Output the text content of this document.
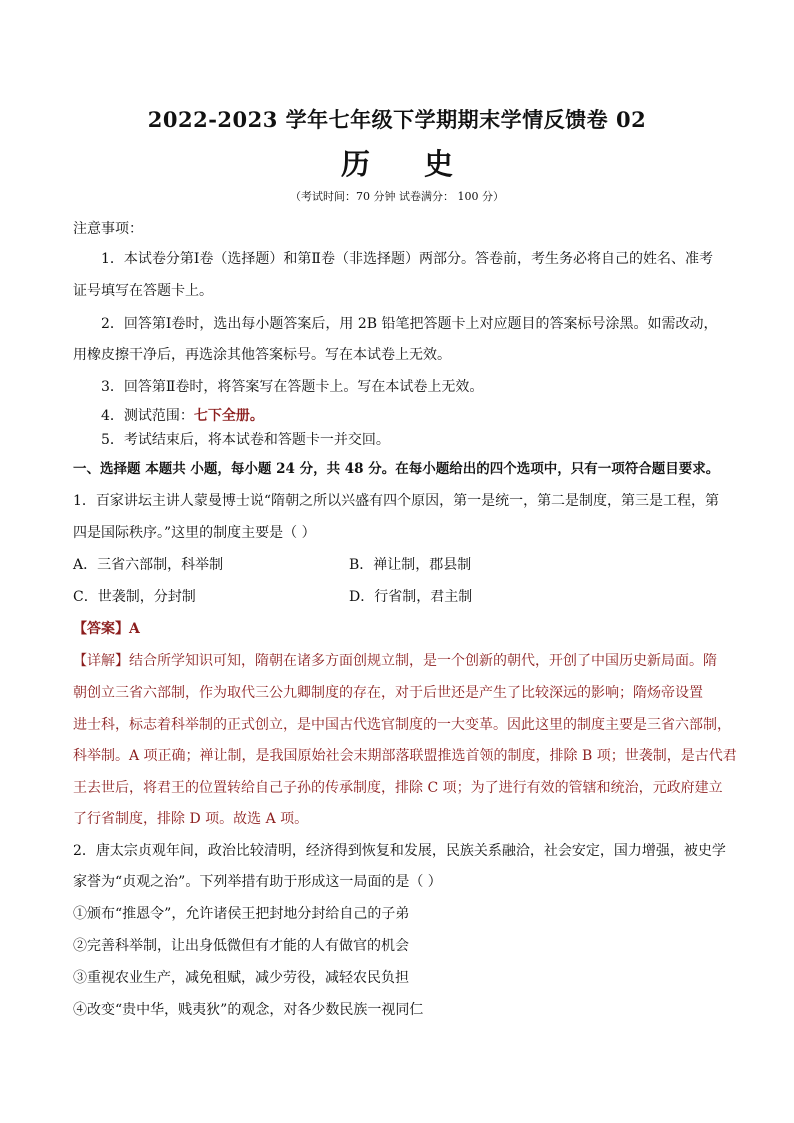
2022-2023 学年七年级下学期期末学情反馈卷 02
历 史
（考试时间：70 分钟 试卷满分： 100 分）
注意事项：
1．本试卷分第Ⅰ卷（选择题）和第Ⅱ卷（非选择题）两部分。答卷前，考生务必将自己的姓名、准考
证号填写在答题卡上。
2．回答第Ⅰ卷时，选出每小题答案后，用 2B 铅笔把答题卡上对应题目的答案标号涂黑。如需改动，
用橡皮擦干净后，再选涂其他答案标号。写在本试卷上无效。
3．回答第Ⅱ卷时，将答案写在答题卡上。写在本试卷上无效。
4．测试范围：七下全册。
5．考试结束后，将本试卷和答题卡一并交回。
一、选择题 本题共 小题，每小题 24 分，共 48 分。在每小题给出的四个选项中，只有一项符合题目要求。
1．百家讲坛主讲人蒙曼博士说“隋朝之所以兴盛有四个原因，第一是统一，第二是制度，第三是工程，第
四是国际秩序。”这里的制度主要是（ ）
A．三省六部制，科举制	B．禅让制，郡县制
C．世袭制，分封制	D．行省制，君主制
【答案】A
【详解】结合所学知识可知，隋朝在诸多方面创规立制，是一个创新的朝代，开创了中国历史新局面。隋
朝创立三省六部制，作为取代三公九卿制度的存在，对于后世还是产生了比较深远的影响；隋炀帝设置
进士科，标志着科举制的正式创立，是中国古代选官制度的一大变革。因此这里的制度主要是三省六部制，
科举制。A 项正确；禅让制，是我国原始社会末期部落联盟推选首领的制度，排除 B 项；世袭制，是古代君
王去世后，将君王的位置转给自己子孙的传承制度，排除 C 项；为了进行有效的管辖和统治，元政府建立
了行省制度，排除 D 项。故选 A 项。
2．唐太宗贞观年间，政治比较清明，经济得到恢复和发展，民族关系融洽，社会安定，国力增强，被史学
家誉为“贞观之治”。下列举措有助于形成这一局面的是（ ）
①颁布“推恩令”，允许诸侯王把封地分封给自己的子弟
②完善科举制，让出身低微但有才能的人有做官的机会
③重视农业生产，减免租赋，减少劳役，减轻农民负担
④改变“贵中华，贱夷狄”的观念，对各少数民族一视同仁
